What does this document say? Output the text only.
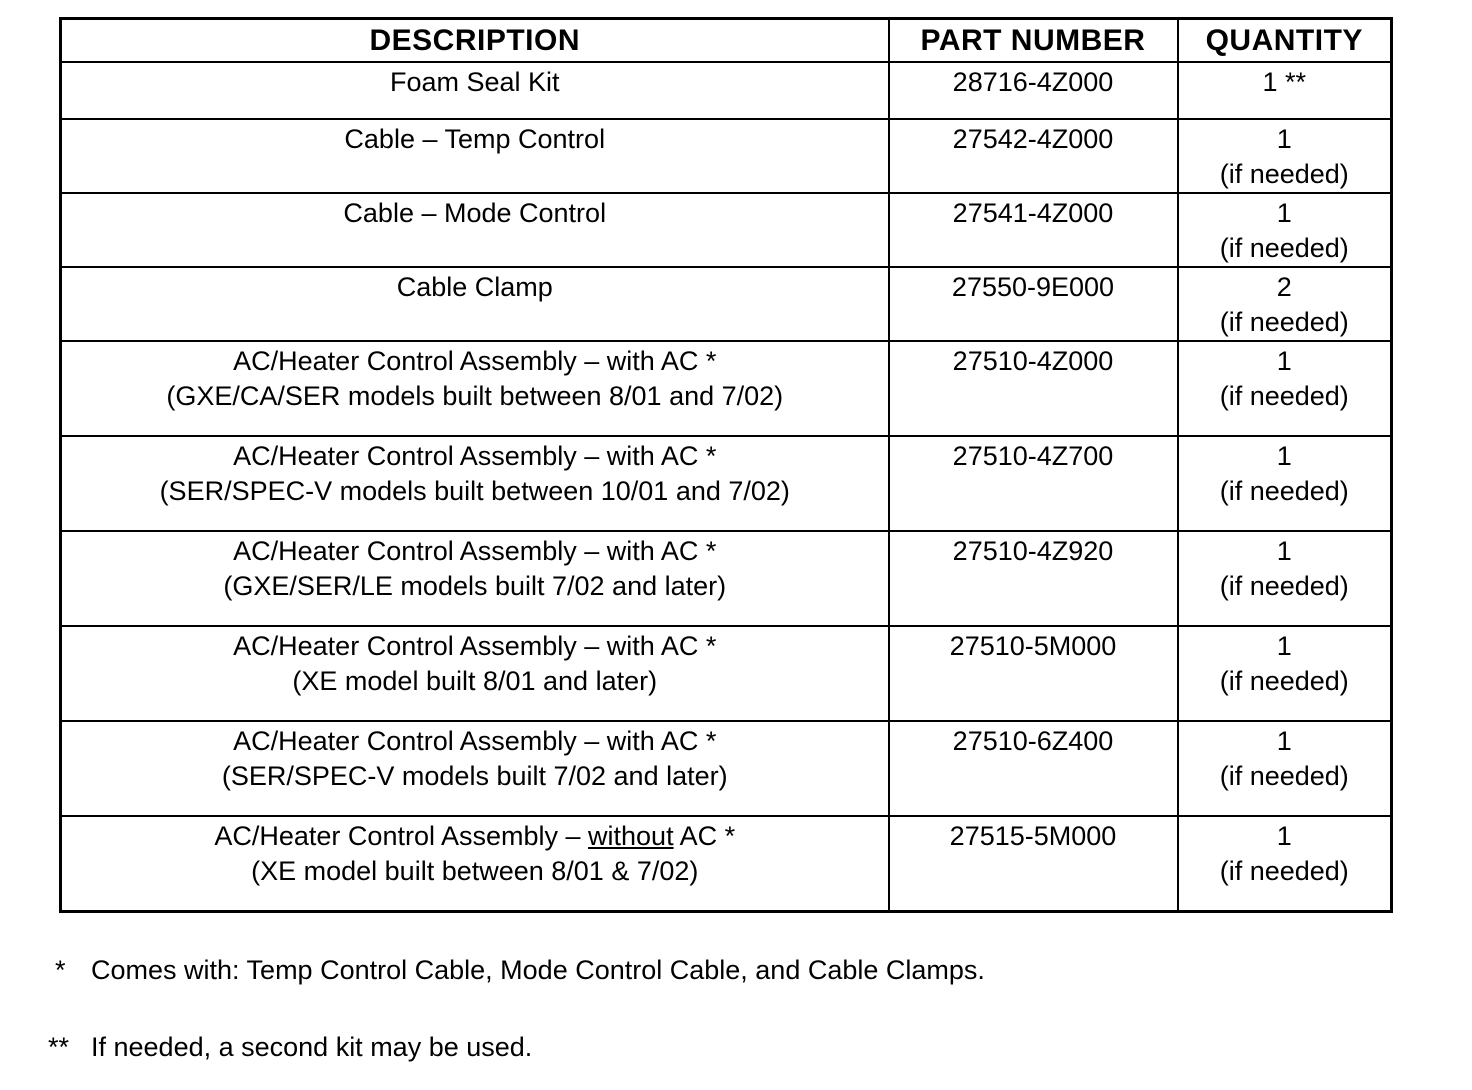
DESCRIPTION	PART NUMBER	QUANTITY

Foam Seal Kit	28716-4Z000	1 **

Cable – Temp Control	27542-4Z000	1
(if needed)

Cable – Mode Control	27541-4Z000	1
(if needed)

Cable Clamp	27550-9E000	2
(if needed)

AC/Heater Control Assembly – with AC *
(GXE/CA/SER models built between 8/01 and 7/02)	27510-4Z000	1
(if needed)

AC/Heater Control Assembly – with AC *
(SER/SPEC-V models built between 10/01 and 7/02)	27510-4Z700	1
(if needed)

AC/Heater Control Assembly – with AC *
(GXE/SER/LE models built 7/02 and later)	27510-4Z920	1
(if needed)

AC/Heater Control Assembly – with AC *
(XE model built 8/01 and later)	27510-5M000	1
(if needed)

AC/Heater Control Assembly – with AC *
(SER/SPEC-V models built 7/02 and later)	27510-6Z400	1
(if needed)

AC/Heater Control Assembly – without AC *
(XE model built between 8/01 & 7/02)	27515-5M000	1
(if needed)
* Comes with: Temp Control Cable, Mode Control Cable, and Cable Clamps.
** If needed, a second kit may be used.
